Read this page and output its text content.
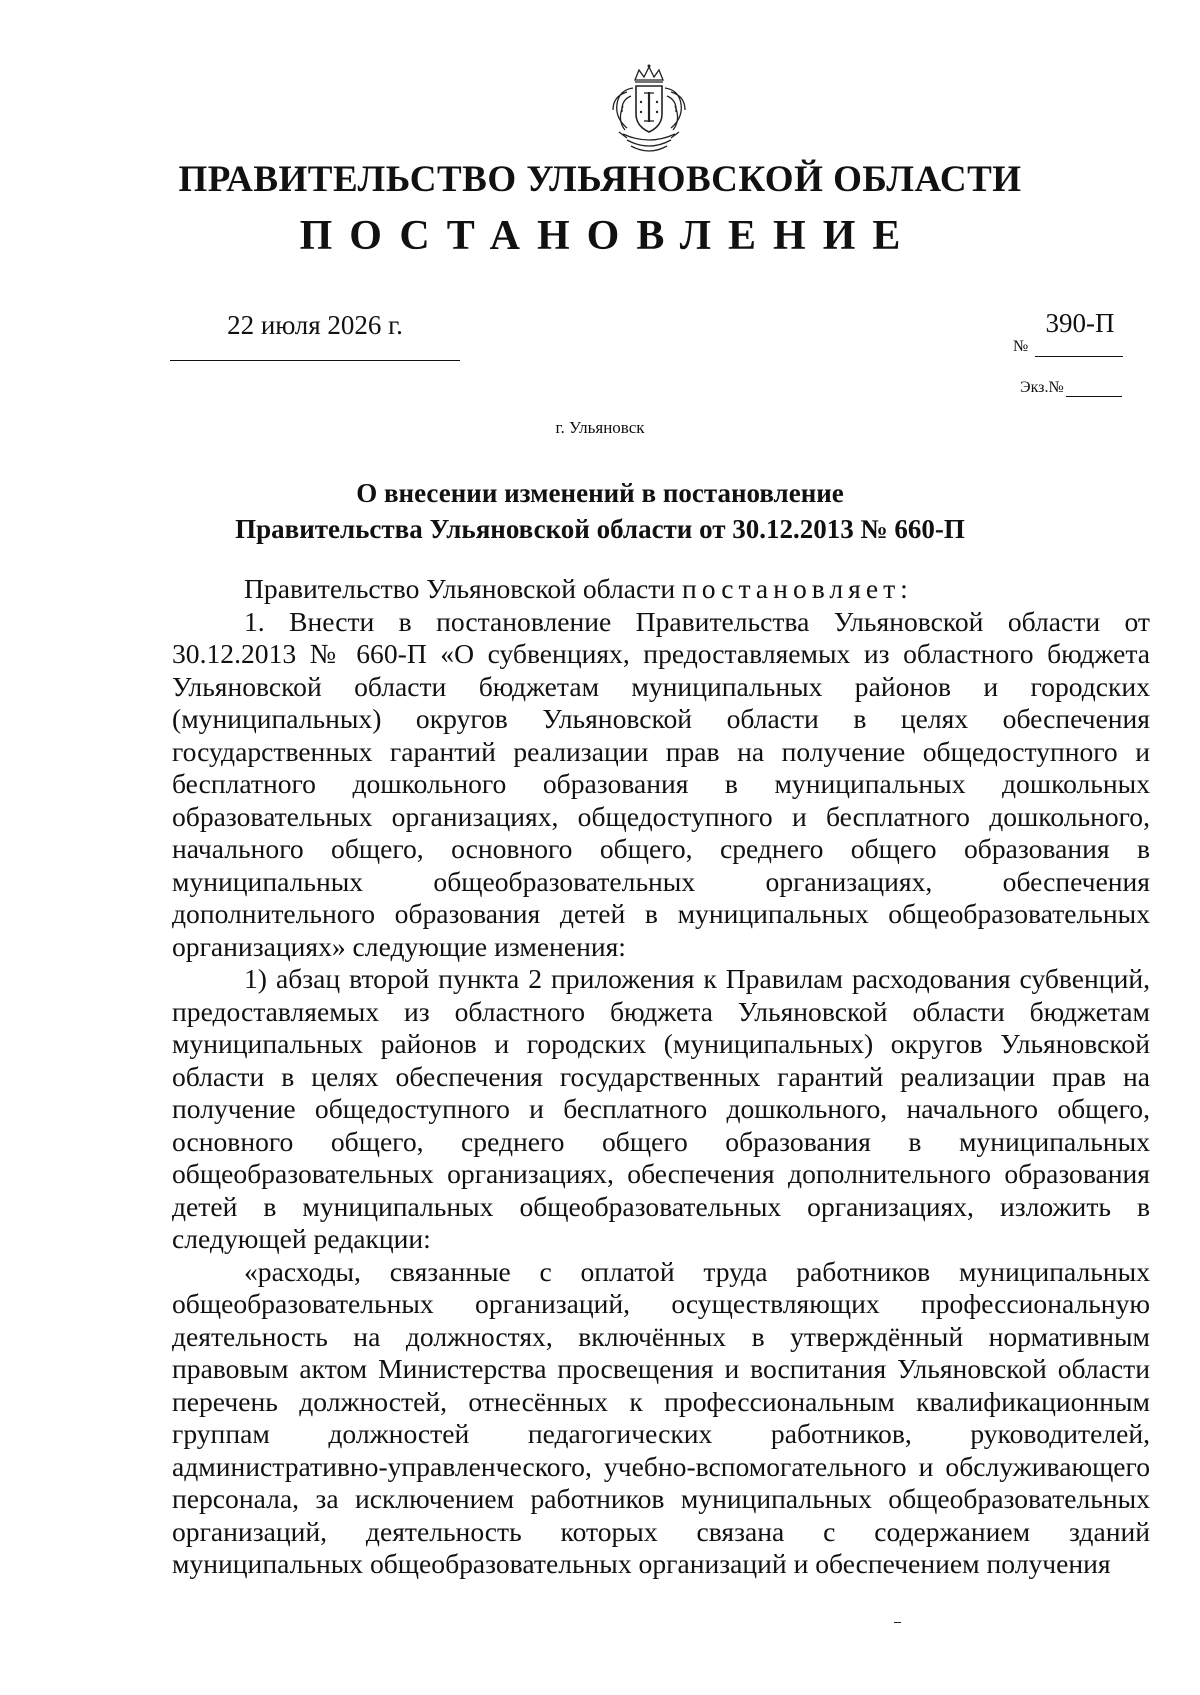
ПРАВИТЕЛЬСТВО УЛЬЯНОВСКОЙ ОБЛАСТИ
ПОСТАНОВЛЕНИЕ
22 июля 2026 г.
№
390-П
Экз.№
г. Ульяновск
О внесении изменений в постановление
Правительства Ульяновской области от 30.12.2013 № 660-П

Правительство Ульяновской области постановляет:

1. Внести в постановление Правительства Ульяновской области от 30.12.2013 № 660-П «О субвенциях, предоставляемых из областного бюджета Ульяновской области бюджетам муниципальных районов и городских (муниципальных) округов Ульяновской области в целях обеспечения государственных гарантий реализации прав на получение общедоступного и бесплатного дошкольного образования в муниципальных дошкольных образовательных организациях, общедоступного и бесплатного дошкольного, начального общего, основного общего, среднего общего образования в муниципальных общеобразовательных организациях, обеспечения дополнительного образования детей в муниципальных общеобразовательных организациях» следующие изменения:

1) абзац второй пункта 2 приложения к Правилам расходования субвенций, предоставляемых из областного бюджета Ульяновской области бюджетам муниципальных районов и городских (муниципальных) округов Ульяновской области в целях обеспечения государственных гарантий реализации прав на получение общедоступного и бесплатного дошкольного, начального общего, основного общего, среднего общего образования в муниципальных общеобразовательных организациях, обеспечения дополнительного образования детей в муниципальных общеобразовательных организациях, изложить в следующей редакции:

«расходы, связанные с оплатой труда работников муниципальных общеобразовательных организаций, осуществляющих профессиональную деятельность на должностях, включённых в утверждённый нормативным правовым актом Министерства просвещения и воспитания Ульяновской области перечень должностей, отнесённых к профессиональным квалификационным группам должностей педагогических работников, руководителей, административно-управленческого, учебно-вспомогательного и обслуживающего персонала, за исключением работников муниципальных общеобразовательных организаций, деятельность которых связана с содержанием зданий муниципальных общеобразовательных организаций и обеспечением получения
